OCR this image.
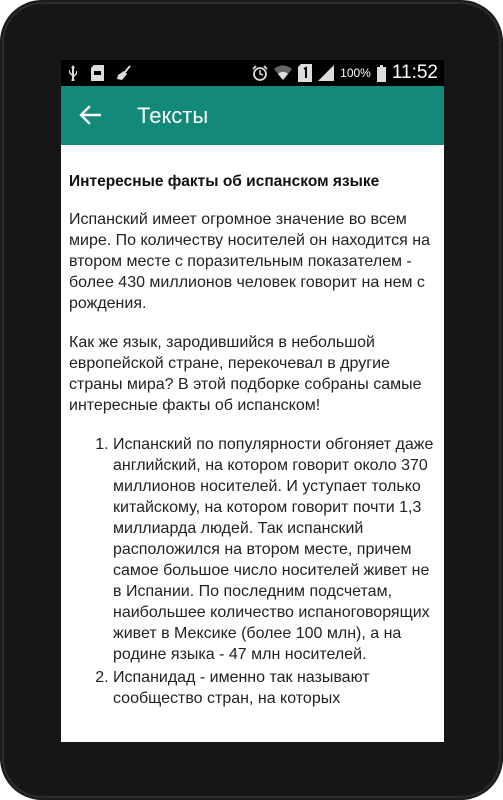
100% 11:52
Тексты
Интересные факты об испанском языке

Испанский имеет огромное значение во всем мире. По количеству носителей он находится на втором месте с поразительным показателем - более 430 миллионов человек говорит на нем с рождения.

Как же язык, зародившийся в небольшой европейской стране, перекочевал в другие страны мира? В этой подборке собраны самые интересные факты об испанском!

1. Испанский по популярности обгоняет даже английский, на котором говорит около 370 миллионов носителей. И уступает только китайскому, на котором говорит почти 1,3 миллиарда людей. Так испанский расположился на втором месте, причем самое большое число носителей живет не в Испании. По последним подсчетам, наибольшее количество испаноговорящих живет в Мексике (более 100 млн), а на родине языка - 47 млн носителей.
2. Испанидад - именно так называют сообщество стран, на которых
